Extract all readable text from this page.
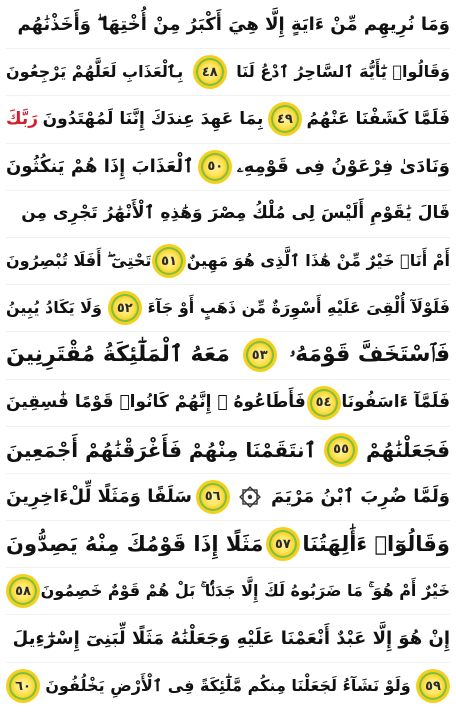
وَمَا نُرِيهِم مِّنْ ءَايَةٍ إِلَّا هِيَ أَكْبَرُ مِنْ أُخْتِهَا ۖ وَأَخَذْنَٰهُم
وَقَالُوا۟ يَٰٓأَيُّهَ ٱلسَّاحِرُ ٱدْعُ لَنَا
٤٨
بِٱلْعَذَابِ لَعَلَّهُمْ يَرْجِعُونَ
فَلَمَّا كَشَفْنَا عَنْهُمُ
٤٩
بِمَا عَهِدَ عِندَكَ إِنَّنَا لَمُهْتَدُونَ
رَبَّكَ
وَنَادَىٰ فِرْعَوْنُ فِى قَوْمِهِۦ
٥٠
ٱلْعَذَابَ إِذَا هُمْ يَنكُثُونَ
قَالَ يَٰقَوْمِ أَلَيْسَ لِى مُلْكُ مِصْرَ وَهَٰذِهِ ٱلْأَنْهَٰرُ تَجْرِى مِن
أَمْ أَنَا۠ خَيْرٌ مِّنْ هَٰذَا ٱلَّذِى هُوَ مَهِينٌ
٥١
تَحْتِىٓ ۖ أَفَلَا تُبْصِرُونَ
فَلَوْلَآ أُلْقِىَ عَلَيْهِ أَسْوِرَةٌ مِّن ذَهَبٍ أَوْ جَآءَ
٥٢
وَلَا يَكَادُ يُبِينُ
فَٱسْتَخَفَّ قَوْمَهُۥ
٥٣
مَعَهُ ٱلْمَلَٰٓئِكَةُ مُقْتَرِنِينَ
فَلَمَّآ ءَاسَفُونَا
٥٤
فَأَطَاعُوهُ ۚ إِنَّهُمْ كَانُوا۟ قَوْمًا فَٰسِقِينَ
فَجَعَلْنَٰهُمْ
٥٥
ٱنتَقَمْنَا مِنْهُمْ فَأَغْرَقْنَٰهُمْ أَجْمَعِينَ
وَلَمَّا ضُرِبَ ٱبْنُ مَرْيَمَ
٥٦
سَلَفًا وَمَثَلًا لِّلْءَاخِرِينَ
وَقَالُوٓا۟ ءَأَٰلِهَتُنَا
٥٧
مَثَلًا إِذَا قَوْمُكَ مِنْهُ يَصِدُّونَ
خَيْرٌ أَمْ هُوَ ۚ مَا ضَرَبُوهُ لَكَ إِلَّا جَدَلًۢا ۚ بَلْ هُمْ قَوْمٌ خَصِمُونَ
٥٨
إِنْ هُوَ إِلَّا عَبْدٌ أَنْعَمْنَا عَلَيْهِ وَجَعَلْنَٰهُ مَثَلًا لِّبَنِىٓ إِسْرَٰٓءِيلَ
٥٩
وَلَوْ نَشَآءُ لَجَعَلْنَا مِنكُم مَّلَٰٓئِكَةً فِى ٱلْأَرْضِ يَخْلُفُونَ
٦٠
